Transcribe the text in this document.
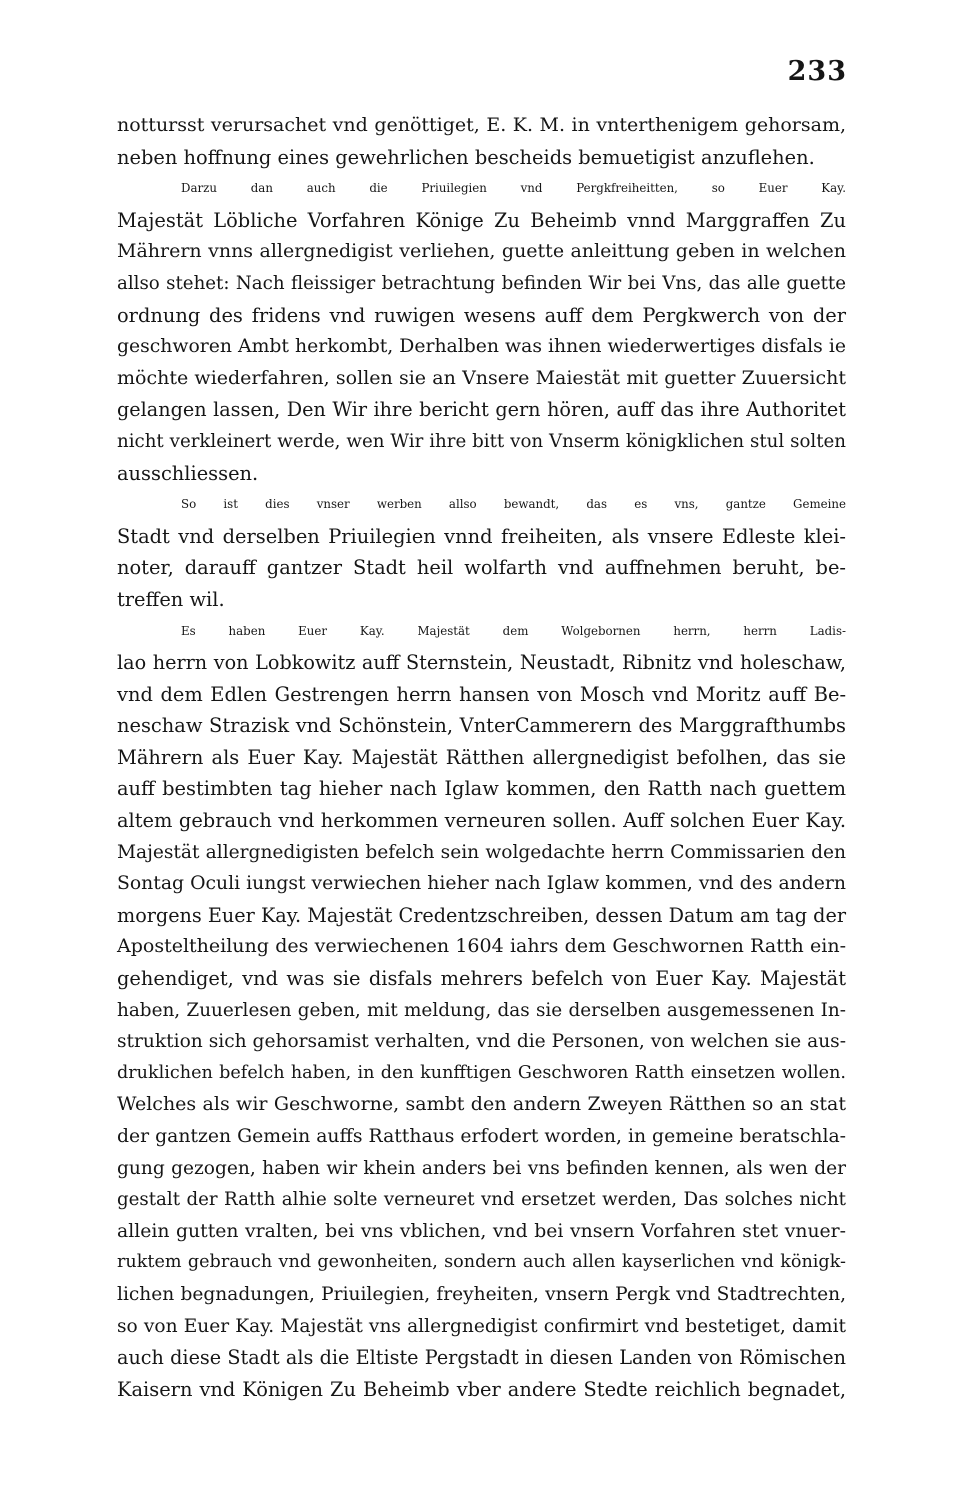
233
nottursst verursachet vnd genöttiget, E. K. M. in vnterthenigem gehorsam,
neben hoffnung eines gewehrlichen bescheids bemuetigist anzuflehen.
Darzu dan auch die Priuilegien vnd Pergkfreiheitten, so Euer Kay.
Majestät Löbliche Vorfahren Könige Zu Beheimb vnnd Marggraffen Zu
Mährern vnns allergnedigist verliehen, guette anleittung geben in welchen
allso stehet: Nach fleissiger betrachtung befinden Wir bei Vns, das alle guette
ordnung des fridens vnd ruwigen wesens auff dem Pergkwerch von der
geschworen Ambt herkombt, Derhalben was ihnen wiederwertiges disfals ie
möchte wiederfahren, sollen sie an Vnsere Maiestät mit guetter Zuuersicht
gelangen lassen, Den Wir ihre bericht gern hören, auff das ihre Authoritet
nicht verkleinert werde, wen Wir ihre bitt von Vnserm königklichen stul solten
ausschliessen.
So ist dies vnser werben allso bewandt, das es vns, gantze Gemeine
Stadt vnd derselben Priuilegien vnnd freiheiten, als vnsere Edleste klei-
noter, darauff gantzer Stadt heil wolfarth vnd auffnehmen beruht, be-
treffen wil.
Es haben Euer Kay. Majestät dem Wolgebornen herrn, herrn Ladis-
lao herrn von Lobkowitz auff Sternstein, Neustadt, Ribnitz vnd holeschaw,
vnd dem Edlen Gestrengen herrn hansen von Mosch vnd Moritz auff Be-
neschaw Strazisk vnd Schönstein, VnterCammerern des Marggrafthumbs
Mährern als Euer Kay. Majestät Rätthen allergnedigist befolhen, das sie
auff bestimbten tag hieher nach Iglaw kommen, den Ratth nach guettem
altem gebrauch vnd herkommen verneuren sollen. Auff solchen Euer Kay.
Majestät allergnedigisten befelch sein wolgedachte herrn Commissarien den
Sontag Oculi iungst verwiechen hieher nach Iglaw kommen, vnd des andern
morgens Euer Kay. Majestät Credentzschreiben, dessen Datum am tag der
Aposteltheilung des verwiechenen 1604 iahrs dem Geschwornen Ratth ein-
gehendiget, vnd was sie disfals mehrers befelch von Euer Kay. Majestät
haben, Zuuerlesen geben, mit meldung, das sie derselben ausgemessenen In-
struktion sich gehorsamist verhalten, vnd die Personen, von welchen sie aus-
druklichen befelch haben, in den kunfftigen Geschworen Ratth einsetzen wollen.
Welches als wir Geschworne, sambt den andern Zweyen Rätthen so an stat
der gantzen Gemein auffs Ratthaus erfodert worden, in gemeine beratschla-
gung gezogen, haben wir khein anders bei vns befinden kennen, als wen der
gestalt der Ratth alhie solte verneuret vnd ersetzet werden, Das solches nicht
allein gutten vralten, bei vns vblichen, vnd bei vnsern Vorfahren stet vnuer-
ruktem gebrauch vnd gewonheiten, sondern auch allen kayserlichen vnd königk-
lichen begnadungen, Priuilegien, freyheiten, vnsern Pergk vnd Stadtrechten,
so von Euer Kay. Majestät vns allergnedigist confirmirt vnd bestetiget, damit
auch diese Stadt als die Eltiste Pergstadt in diesen Landen von Römischen
Kaisern vnd Königen Zu Beheimb vber andere Stedte reichlich begnadet,
